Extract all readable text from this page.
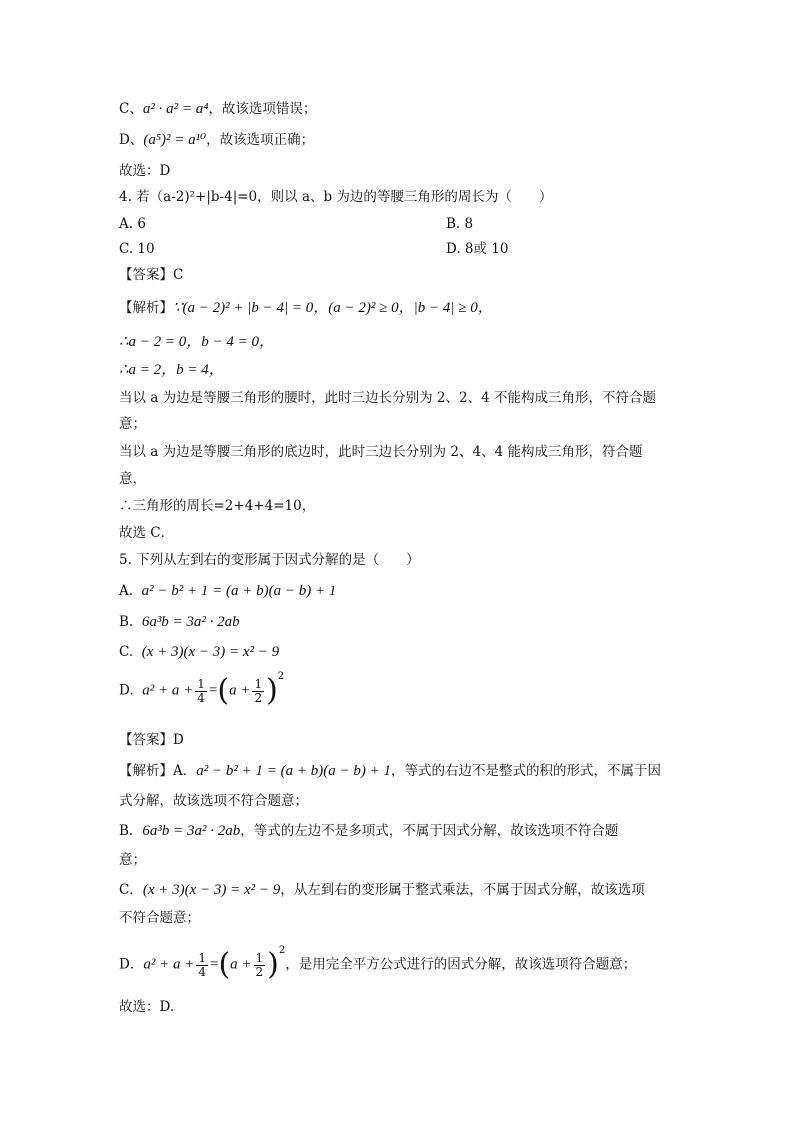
C、a² · a² = a⁴，故该选项错误；
D、(a⁵)² = a¹⁰，故该选项正确；
故选：D
4. 若（a-2)²+|b-4|=0，则以 a、b 为边的等腰三角形的周长为（　　）
A. 6	B. 8
C. 10	D. 8或 10
【答案】C
【解析】∵(a − 2)² + |b − 4| = 0，(a − 2)² ≥ 0，|b − 4| ≥ 0，
∴a − 2 = 0，b − 4 = 0，
∴a = 2，b = 4，
当以 a 为边是等腰三角形的腰时，此时三边长分别为 2、2、4 不能构成三角形，不符合题
意；
当以 a 为边是等腰三角形的底边时，此时三边长分别为 2、4、4 能构成三角形，符合题
意，
∴三角形的周长=2+4+4=10，
故选 C．
5. 下列从左到右的变形属于因式分解的是（　　）
A. a² − b² + 1 = (a + b)(a − b) + 1
B. 6a³b = 3a² · 2ab
C. (x + 3)(x − 3) = x² − 9
D. $a^2 + a + \frac{1}{4} =(a + \frac{1}{2} )^2$
【答案】D
【解析】A．a² − b² + 1 = (a + b)(a − b) + 1，等式的右边不是整式的积的形式，不属于因
式分解，故该选项不符合题意；
B．6a³b = 3a² · 2ab，等式的左边不是多项式，不属于因式分解，故该选项不符合题
意；
C．(x + 3)(x − 3) = x² − 9，从左到右的变形属于整式乘法，不属于因式分解，故该选项
不符合题意；
D．$a^2 + a + \frac{1}{4} =(a + \frac{1}{2} )^2$，是用完全平方公式进行的因式分解，故该选项符合题意；
故选：D.
